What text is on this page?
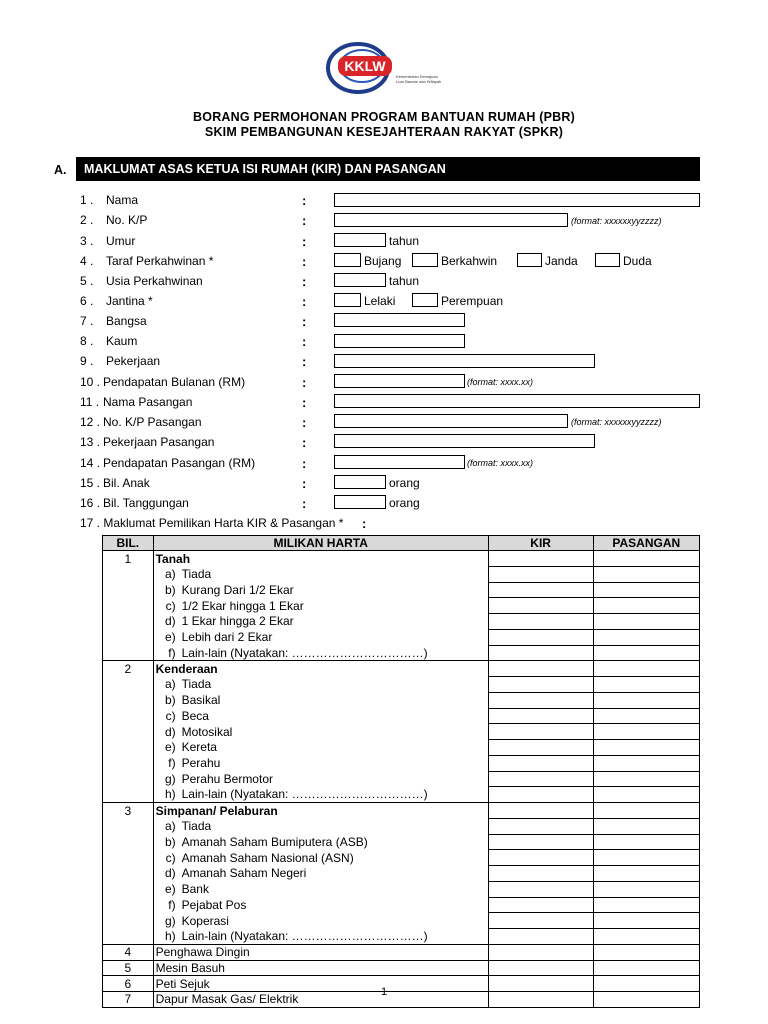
KKLW
Kementerian Kemajuan
Luar Bandar dan Wilayah
BORANG PERMOHONAN PROGRAM BANTUAN RUMAH (PBR)
SKIM PEMBANGUNAN KESEJAHTERAAN RAKYAT (SPKR)
A.	MAKLUMAT ASAS KETUA ISI RUMAH (KIR) DAN PASANGAN
1 . Nama	:
2 . No. K/P	:	(format: xxxxxxyyzzzz)
3 . Umur	:	tahun
4 . Taraf Perkahwinan *	:	Bujang	Berkahwin	Janda	Duda
5 . Usia Perkahwinan	:	tahun
6 . Jantina *	:	Lelaki	Perempuan
7 . Bangsa	:
8 . Kaum	:
9 . Pekerjaan	:
10 . Pendapatan Bulanan (RM)	:	(format: xxxx.xx)
11 . Nama Pasangan	:
12 . No. K/P Pasangan	:	(format: xxxxxxyyzzzz)
13 . Pekerjaan Pasangan	:
14 . Pendapatan Pasangan (RM)	:	(format: xxxx.xx)
15 . Bil. Anak	:	orang
16 . Bil. Tanggungan	:	orang
17 . Maklumat Pemilikan Harta KIR & Pasangan * :
BIL.	MILIKAN HARTA	KIR	PASANGAN
1	Tanah		
	a) Tiada		
	b) Kurang Dari 1/2 Ekar		
	c) 1/2 Ekar hingga 1 Ekar		
	d) 1 Ekar hingga 2 Ekar		
	e) Lebih dari 2 Ekar		
	f) Lain-lain (Nyatakan: ……………………………)		
2	Kenderaan		
	a) Tiada		
	b) Basikal		
	c) Beca		
	d) Motosikal		
	e) Kereta		
	f) Perahu		
	g) Perahu Bermotor		
	h) Lain-lain (Nyatakan: ……………………………)		
3	Simpanan/ Pelaburan		
	a) Tiada		
	b) Amanah Saham Bumiputera (ASB)		
	c) Amanah Saham Nasional (ASN)		
	d) Amanah Saham Negeri		
	e) Bank		
	f) Pejabat Pos		
	g) Koperasi		
	h) Lain-lain (Nyatakan: ……………………………)		
4	Penghawa Dingin		
5	Mesin Basuh		
6	Peti Sejuk		
7	Dapur Masak Gas/ Elektrik		
1
